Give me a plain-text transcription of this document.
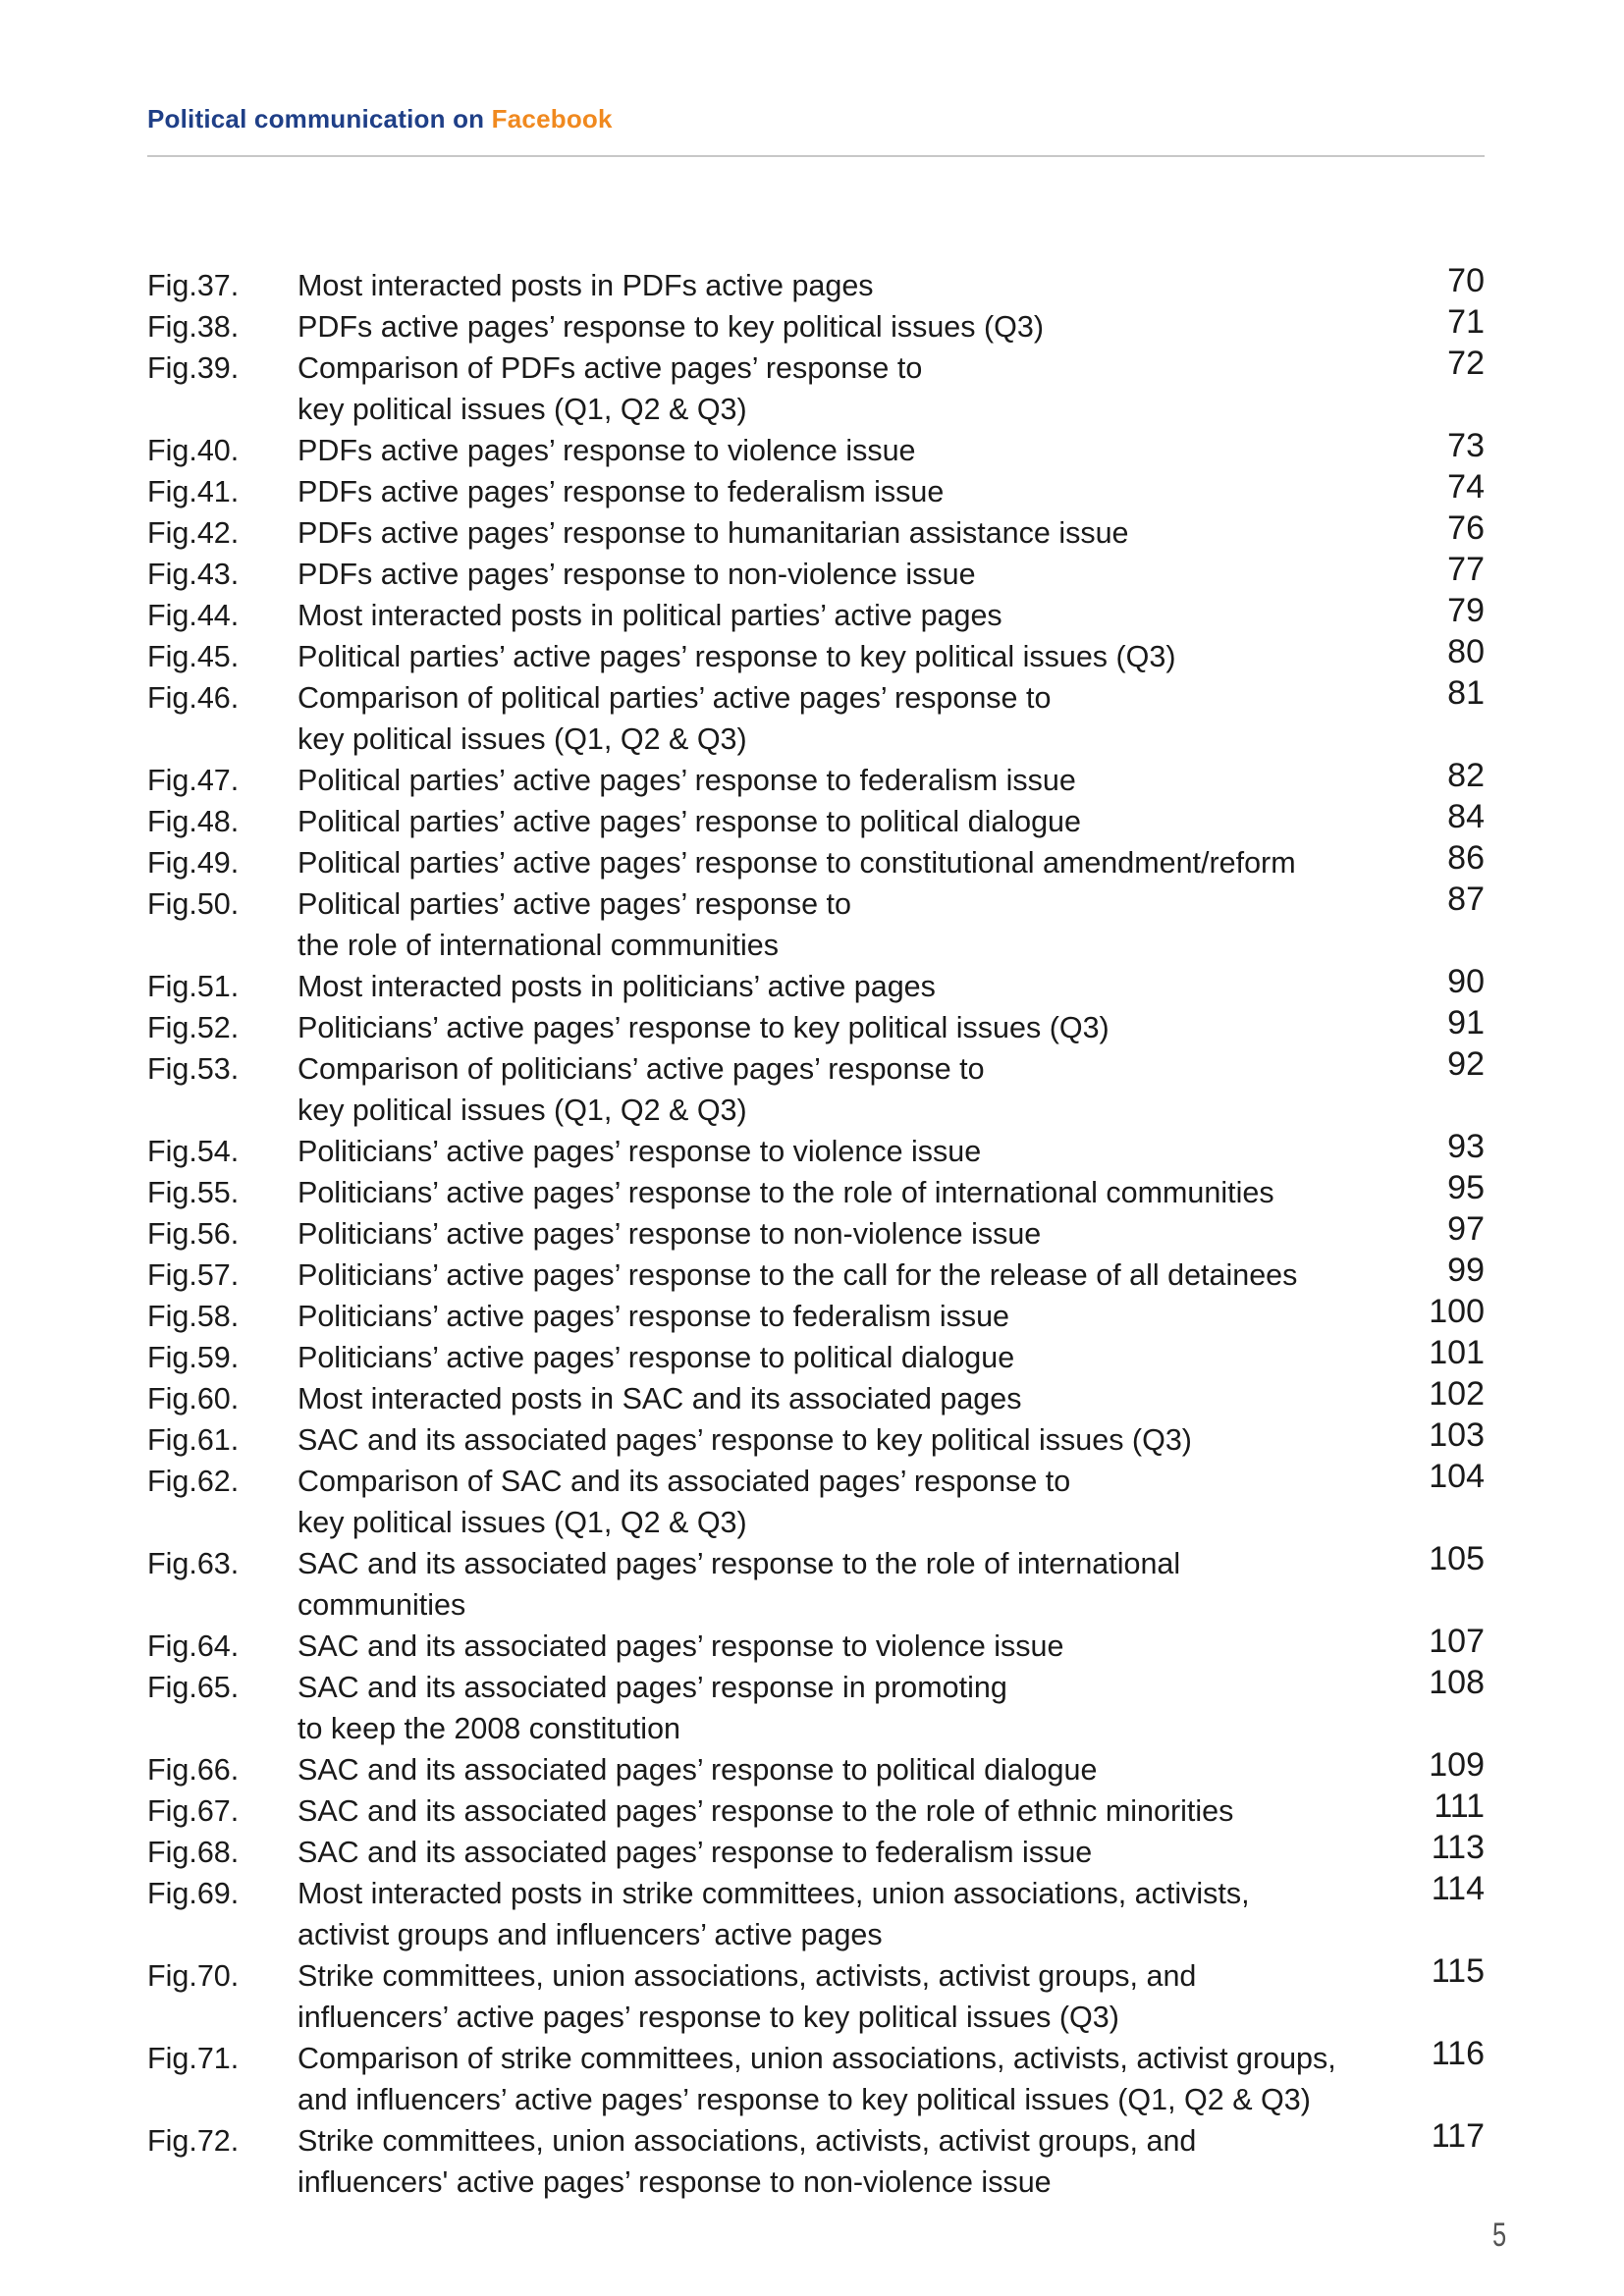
Political communication on Facebook
Fig.37.	Most interacted posts in PDFs active pages	70
Fig.38.	PDFs active pages’ response to key political issues (Q3)	71
Fig.39.	Comparison of PDFs active pages’ response to
key political issues (Q1, Q2 & Q3)
72
Fig.40.	PDFs active pages’ response to violence issue	73
Fig.41.	PDFs active pages’ response to federalism issue	74
Fig.42.	PDFs active pages’ response to humanitarian assistance issue	76
Fig.43.	PDFs active pages’ response to non-violence issue	77
Fig.44.	Most interacted posts in political parties’ active pages	79
Fig.45.	Political parties’ active pages’ response to key political issues (Q3)	80
Fig.46.	Comparison of political parties’ active pages’ response to
key political issues (Q1, Q2 & Q3)
81
Fig.47.	Political parties’ active pages’ response to federalism issue	82
Fig.48.	Political parties’ active pages’ response to political dialogue	84
Fig.49.	Political parties’ active pages’ response to constitutional amendment/reform	86
Fig.50.	Political parties’ active pages’ response to
the role of international communities
87
Fig.51.	Most interacted posts in politicians’ active pages	90
Fig.52.	Politicians’ active pages’ response to key political issues (Q3)	91
Fig.53.	Comparison of politicians’ active pages’ response to
key political issues (Q1, Q2 & Q3)
92
Fig.54.	Politicians’ active pages’ response to violence issue	93
Fig.55.	Politicians’ active pages’ response to the role of international communities	95
Fig.56.	Politicians’ active pages’ response to non-violence issue	97
Fig.57.	Politicians’ active pages’ response to the call for the release of all detainees	99
Fig.58.	Politicians’ active pages’ response to federalism issue	100
Fig.59.	Politicians’ active pages’ response to political dialogue	101
Fig.60.	Most interacted posts in SAC and its associated pages	102
Fig.61.	SAC and its associated pages’ response to key political issues (Q3)	103
Fig.62.	Comparison of SAC and its associated pages’ response to
key political issues (Q1, Q2 & Q3)
104
Fig.63.	SAC and its associated pages’ response to the role of international communities
105
Fig.64.	SAC and its associated pages’ response to violence issue	107
Fig.65.	SAC and its associated pages’ response in promoting
to keep the 2008 constitution
108
Fig.66.	SAC and its associated pages’ response to political dialogue	109
Fig.67.	SAC and its associated pages’ response to the role of ethnic minorities	111
Fig.68.	SAC and its associated pages’ response to federalism issue	113
Fig.69.	Most interacted posts in strike committees, union associations, activists,
activist groups and influencers’ active pages
114
Fig.70.	Strike committees, union associations, activists, activist groups, and
influencers’ active pages’ response to key political issues (Q3)
115
Fig.71.	Comparison of strike committees, union associations, activists, activist groups,
and influencers’ active pages’ response to key political issues (Q1, Q2 & Q3)
116
Fig.72.	Strike committees, union associations, activists, activist groups, and
influencers' active pages’ response to non-violence issue
117
5
